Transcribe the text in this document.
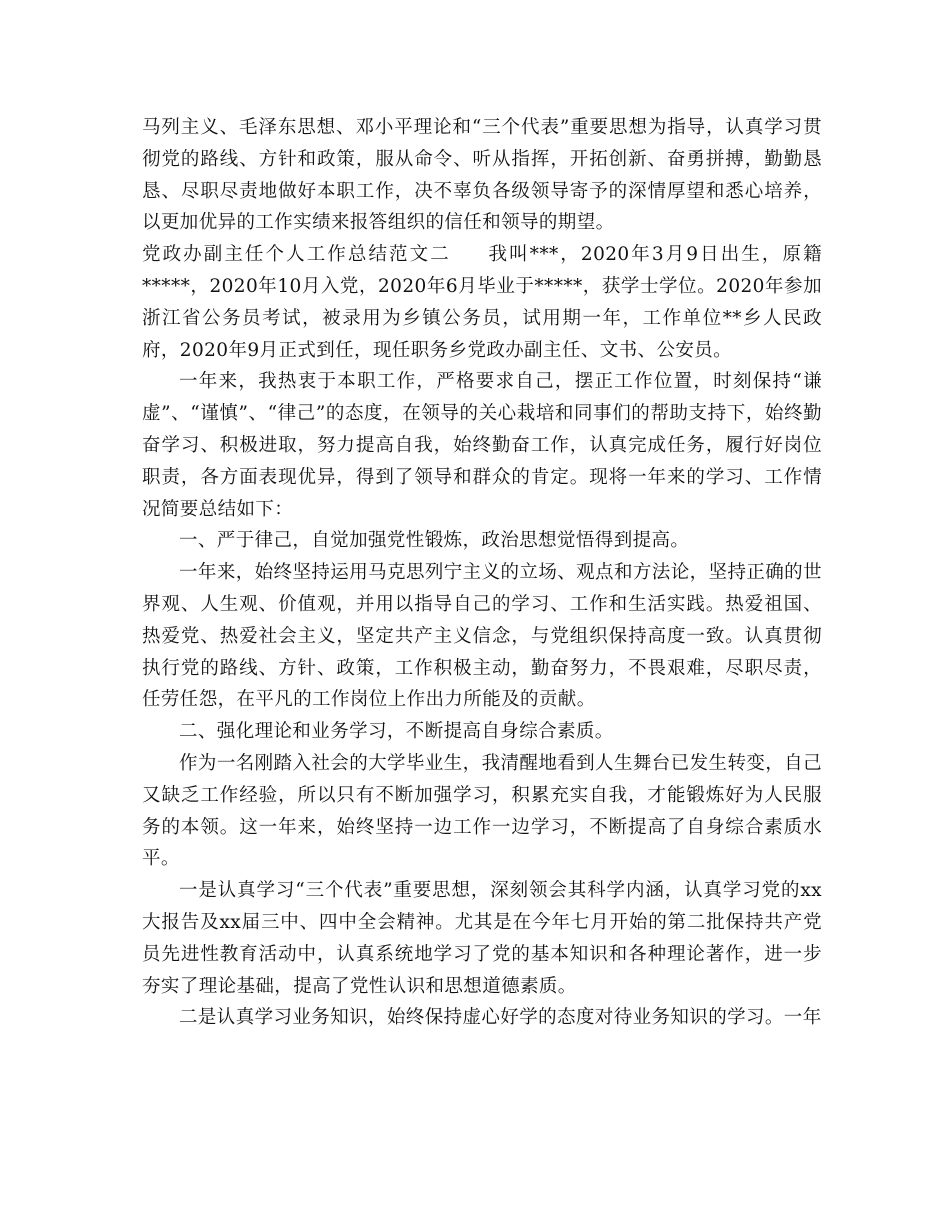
马列主义、毛泽东思想、邓小平理论和“三个代表”重要思想为指导，认真学习贯彻党的路线、方针和政策，服从命令、听从指挥，开拓创新、奋勇拼搏，勤勤恳恳、尽职尽责地做好本职工作，决不辜负各级领导寄予的深情厚望和悉心培养，以更加优异的工作实绩来报答组织的信任和领导的期望。

党政办副主任个人工作总结范文二 我叫***，2020年3月9日出生，原籍*****，2020年10月入党，2020年6月毕业于*****，获学士学位。2020年参加浙江省公务员考试，被录用为乡镇公务员，试用期一年，工作单位**乡人民政府，2020年9月正式到任，现任职务乡党政办副主任、文书、公安员。

一年来，我热衷于本职工作，严格要求自己，摆正工作位置，时刻保持“谦虚”、“谨慎”、“律己”的态度，在领导的关心栽培和同事们的帮助支持下，始终勤奋学习、积极进取，努力提高自我，始终勤奋工作，认真完成任务，履行好岗位职责，各方面表现优异，得到了领导和群众的肯定。现将一年来的学习、工作情况简要总结如下：

一、严于律己，自觉加强党性锻炼，政治思想觉悟得到提高。

一年来，始终坚持运用马克思列宁主义的立场、观点和方法论，坚持正确的世界观、人生观、价值观，并用以指导自己的学习、工作和生活实践。热爱祖国、热爱党、热爱社会主义，坚定共产主义信念，与党组织保持高度一致。认真贯彻执行党的路线、方针、政策，工作积极主动，勤奋努力，不畏艰难，尽职尽责，任劳任怨，在平凡的工作岗位上作出力所能及的贡献。

二、强化理论和业务学习，不断提高自身综合素质。

作为一名刚踏入社会的大学毕业生，我清醒地看到人生舞台已发生转变，自己又缺乏工作经验，所以只有不断加强学习，积累充实自我，才能锻炼好为人民服务的本领。这一年来，始终坚持一边工作一边学习，不断提高了自身综合素质水平。

一是认真学习“三个代表”重要思想，深刻领会其科学内涵，认真学习党的xx大报告及xx届三中、四中全会精神。尤其是在今年七月开始的第二批保持共产党员先进性教育活动中，认真系统地学习了党的基本知识和各种理论著作，进一步夯实了理论基础，提高了党性认识和思想道德素质。

二是认真学习业务知识，始终保持虚心好学的态度对待业务知识的学习。一年
